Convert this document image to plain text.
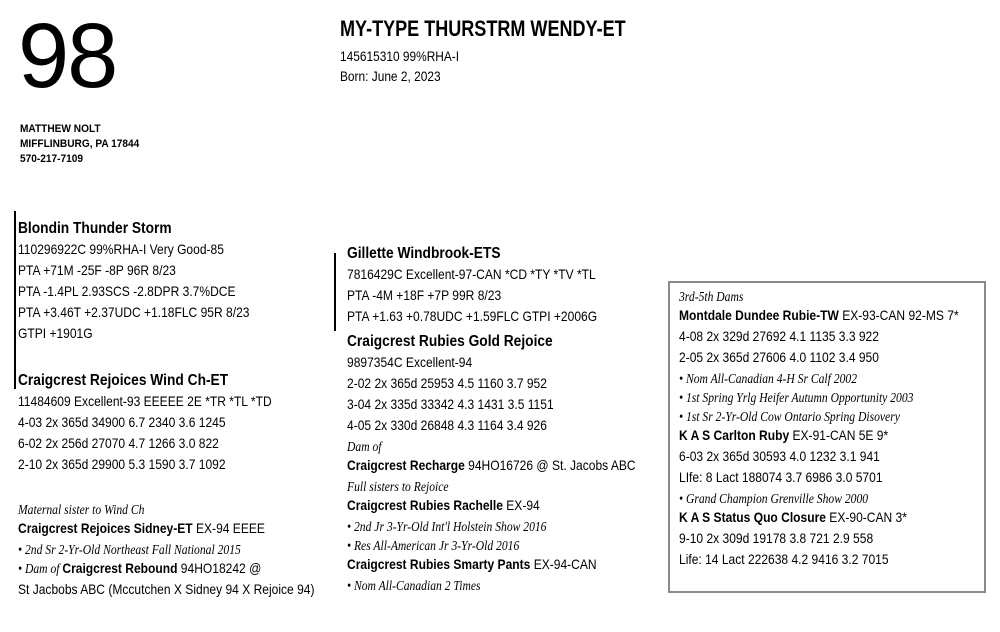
98
MATTHEW NOLT
MIFFLINBURG, PA 17844
570-217-7109
MY-TYPE THURSTRM WENDY-ET
145615310 99%RHA-I
Born: June 2, 2023
Blondin Thunder Storm
110296922C 99%RHA-I Very Good-85
PTA +71M -25F -8P 96R 8/23
PTA -1.4PL 2.93SCS -2.8DPR 3.7%DCE
PTA +3.46T +2.37UDC +1.18FLC 95R 8/23
GTPI +1901G
Craigcrest Rejoices Wind Ch-ET
11484609 Excellent-93 EEEEE 2E *TR *TL *TD
4-03 2x 365d 34900 6.7 2340 3.6 1245
6-02 2x 256d 27070 4.7 1266 3.0 822
2-10 2x 365d 29900 5.3 1590 3.7 1092
Maternal sister to Wind Ch
Craigcrest Rejoices Sidney-ET EX-94 EEEE
• 2nd Sr 2-Yr-Old Northeast Fall National 2015
• Dam of Craigcrest Rebound 94HO18242 @
St Jacbobs ABC (Mccutchen X Sidney 94 X Rejoice 94)
Gillette Windbrook-ETS
7816429C Excellent-97-CAN *CD *TY *TV *TL
PTA -4M +18F +7P 99R 8/23
PTA +1.63 +0.78UDC +1.59FLC GTPI +2006G
Craigcrest Rubies Gold Rejoice
9897354C Excellent-94
2-02 2x 365d 25953 4.5 1160 3.7 952
3-04 2x 335d 33342 4.3 1431 3.5 1151
4-05 2x 330d 26848 4.3 1164 3.4 926
Dam of
Craigcrest Recharge 94HO16726 @ St. Jacobs ABC
Full sisters to Rejoice
Craigcrest Rubies Rachelle EX-94
• 2nd Jr 3-Yr-Old Int'l Holstein Show 2016
• Res All-American Jr 3-Yr-Old 2016
Craigcrest Rubies Smarty Pants EX-94-CAN
• Nom All-Canadian 2 Times
3rd-5th Dams
Montdale Dundee Rubie-TW EX-93-CAN 92-MS 7*
4-08 2x 329d 27692 4.1 1135 3.3 922
2-05 2x 365d 27606 4.0 1102 3.4 950
• Nom All-Canadian 4-H Sr Calf 2002
• 1st Spring Yrlg Heifer Autumn Opportunity 2003
• 1st Sr 2-Yr-Old Cow Ontario Spring Disovery
K A S Carlton Ruby EX-91-CAN 5E 9*
6-03 2x 365d 30593 4.0 1232 3.1 941
LIfe: 8 Lact 188074 3.7 6986 3.0 5701
• Grand Champion Grenville Show 2000
K A S Status Quo Closure EX-90-CAN 3*
9-10 2x 309d 19178 3.8 721 2.9 558
Life: 14 Lact 222638 4.2 9416 3.2 7015
